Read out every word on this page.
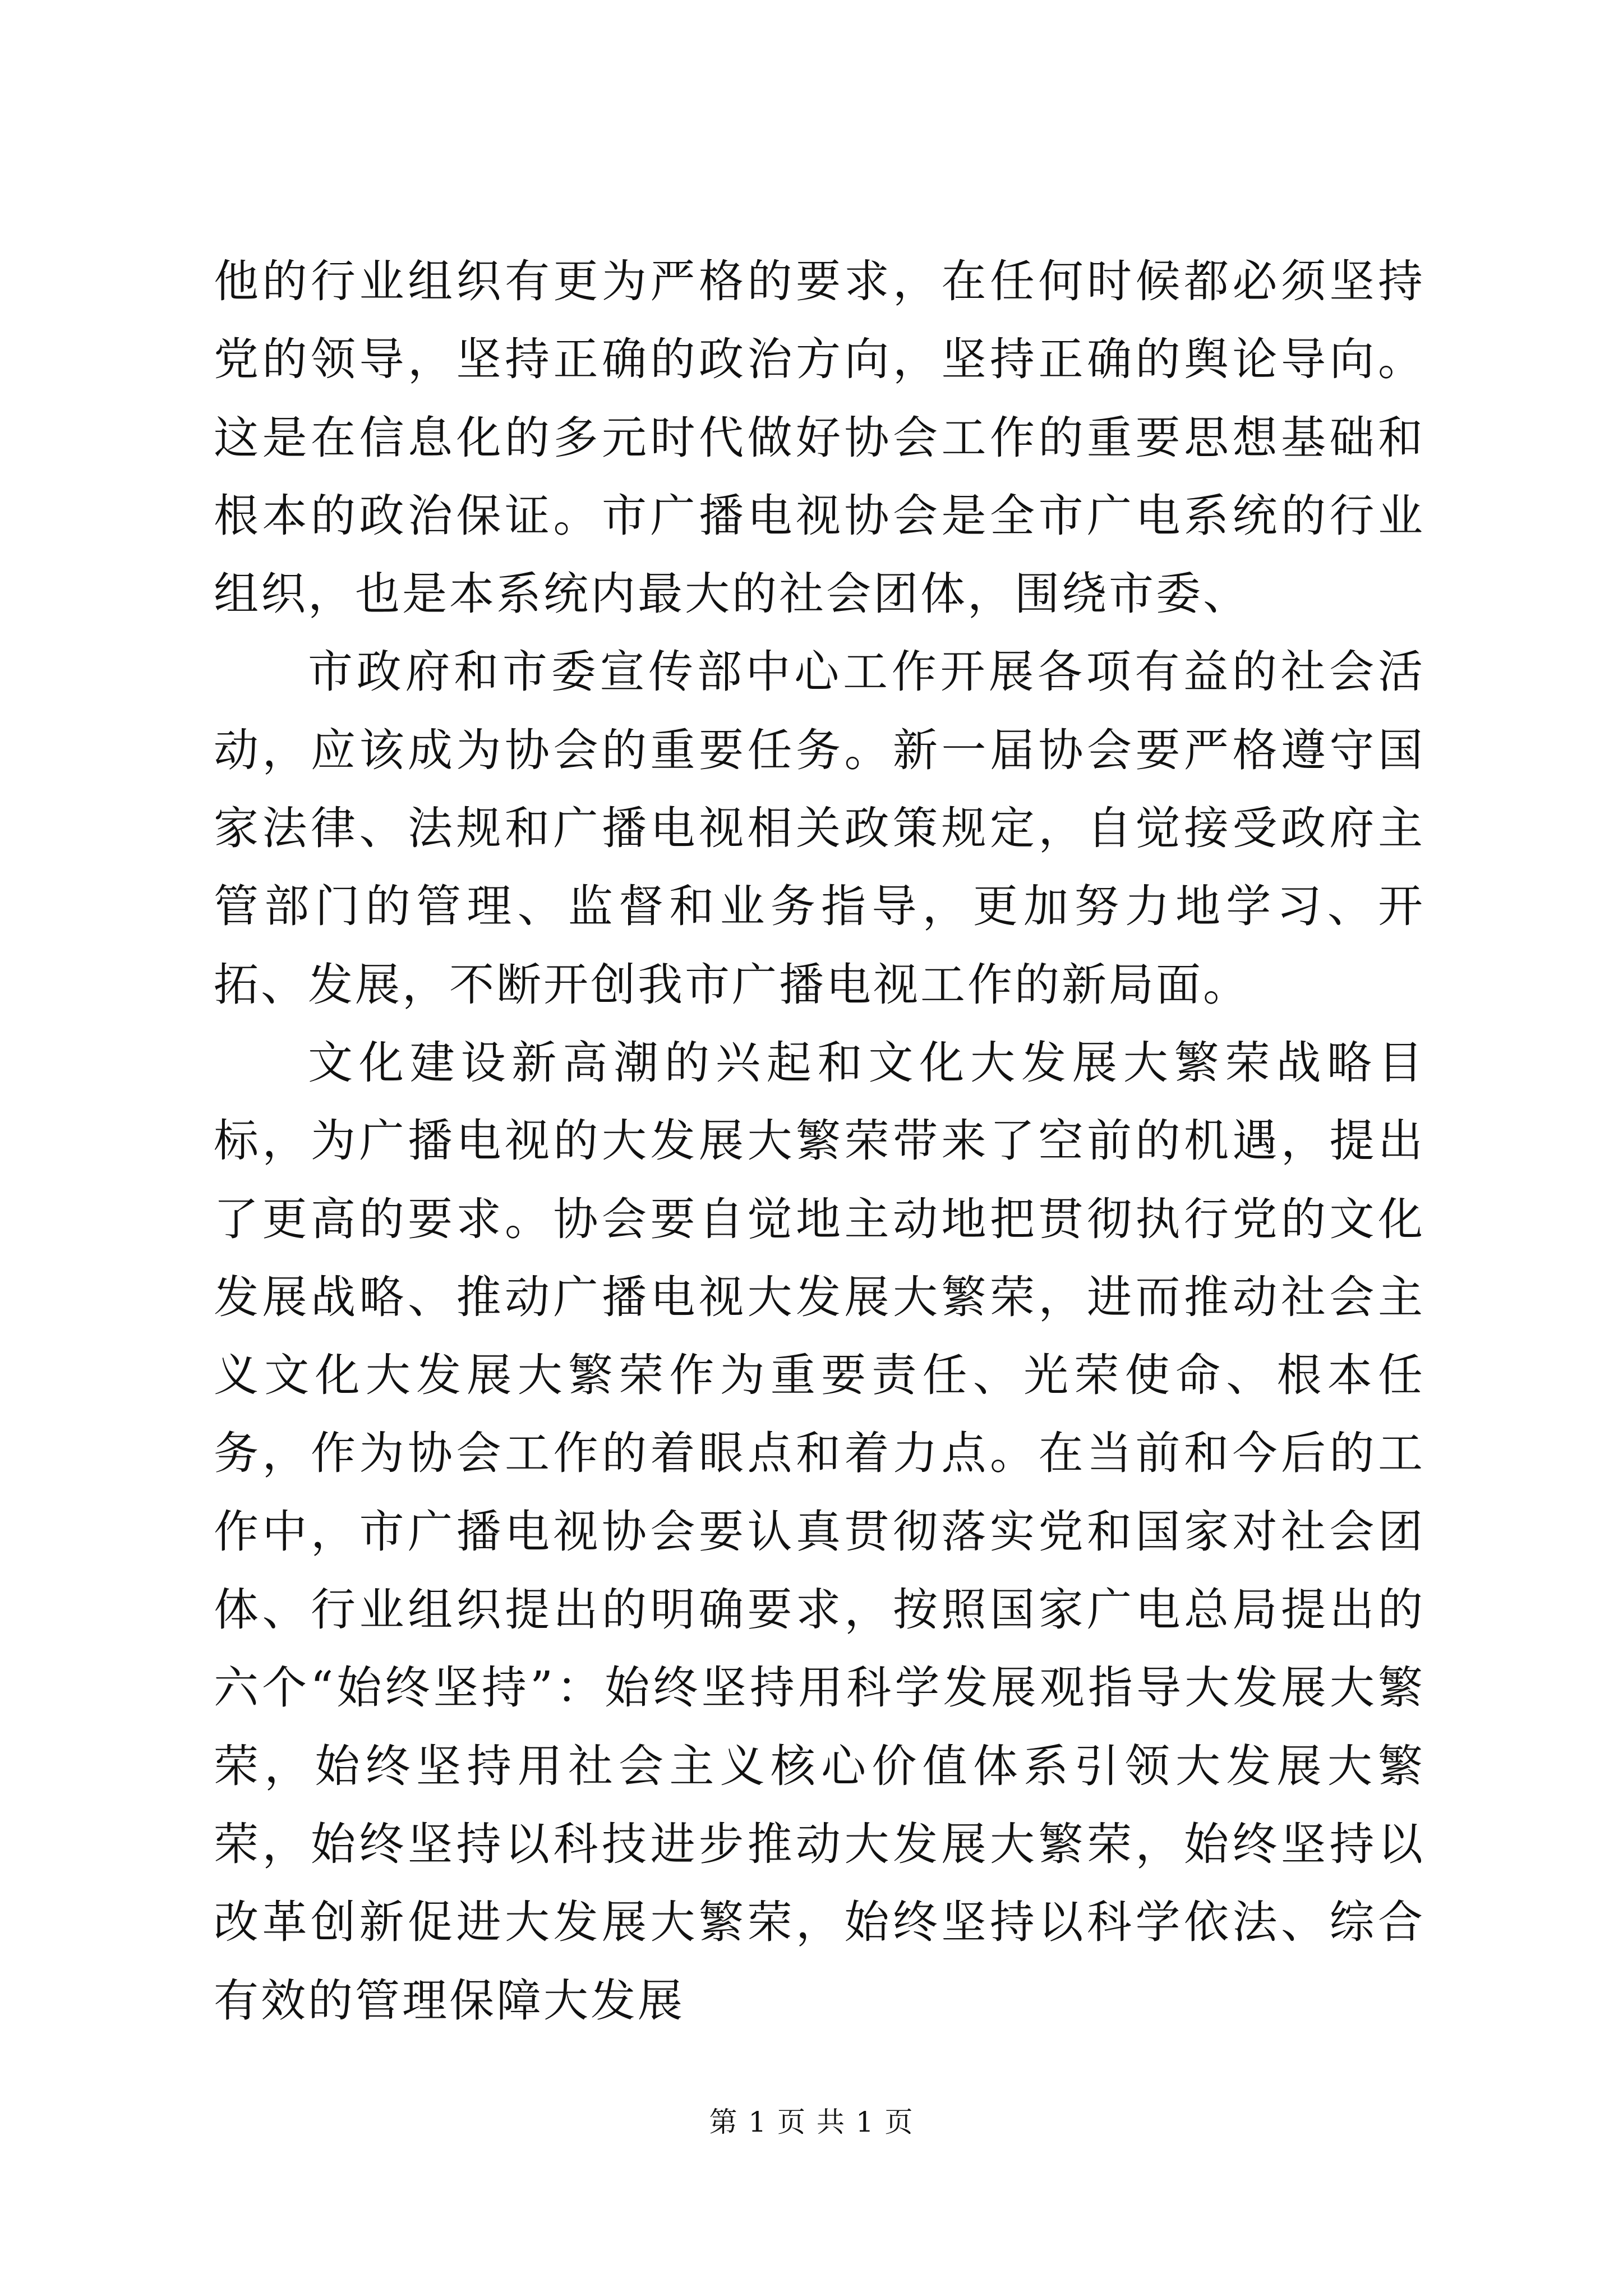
他的行业组织有更为严格的要求，在任何时候都必须坚持党的领导，坚持正确的政治方向，坚持正确的舆论导向。这是在信息化的多元时代做好协会工作的重要思想基础和根本的政治保证。市广播电视协会是全市广电系统的行业组织，也是本系统内最大的社会团体，围绕市委、

市政府和市委宣传部中心工作开展各项有益的社会活动，应该成为协会的重要任务。新一届协会要严格遵守国家法律、法规和广播电视相关政策规定，自觉接受政府主管部门的管理、监督和业务指导，更加努力地学习、开拓、发展，不断开创我市广播电视工作的新局面。

文化建设新高潮的兴起和文化大发展大繁荣战略目标，为广播电视的大发展大繁荣带来了空前的机遇，提出了更高的要求。协会要自觉地主动地把贯彻执行党的文化发展战略、推动广播电视大发展大繁荣，进而推动社会主义文化大发展大繁荣作为重要责任、光荣使命、根本任务，作为协会工作的着眼点和着力点。在当前和今后的工作中，市广播电视协会要认真贯彻落实党和国家对社会团体、行业组织提出的明确要求，按照国家广电总局提出的六个“始终坚持”：始终坚持用科学发展观指导大发展大繁荣，始终坚持用社会主义核心价值体系引领大发展大繁荣，始终坚持以科技进步推动大发展大繁荣，始终坚持以改革创新促进大发展大繁荣，始终坚持以科学依法、综合有效的管理保障大发展

第 1 页 共 1 页
